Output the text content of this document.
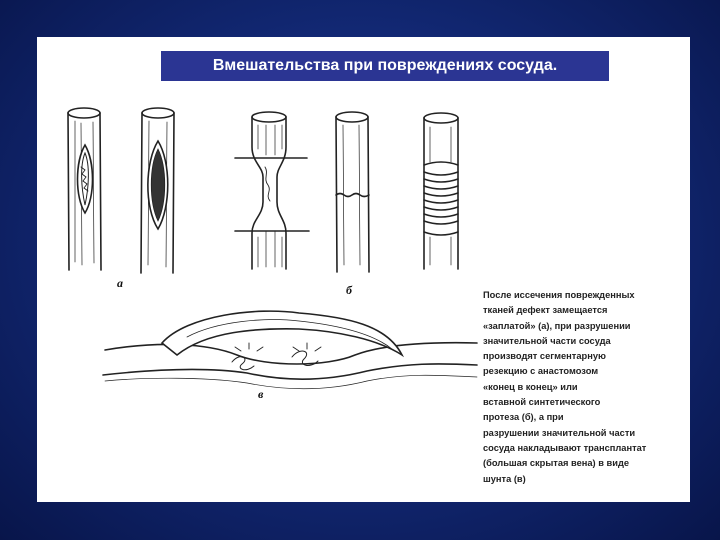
а	б
в
Вмешательства при повреждениях сосуда.
После иссечения поврежденных
тканей дефект замещается
«заплатой» (а), при разрушении
значительной части сосуда
производят сегментарную
резекцию с анастомозом
«конец в конец» или
вставной синтетического
протеза (б), а при
разрушении значительной части
сосуда накладывают трансплантат
(большая скрытая вена) в виде
шунта (в)
